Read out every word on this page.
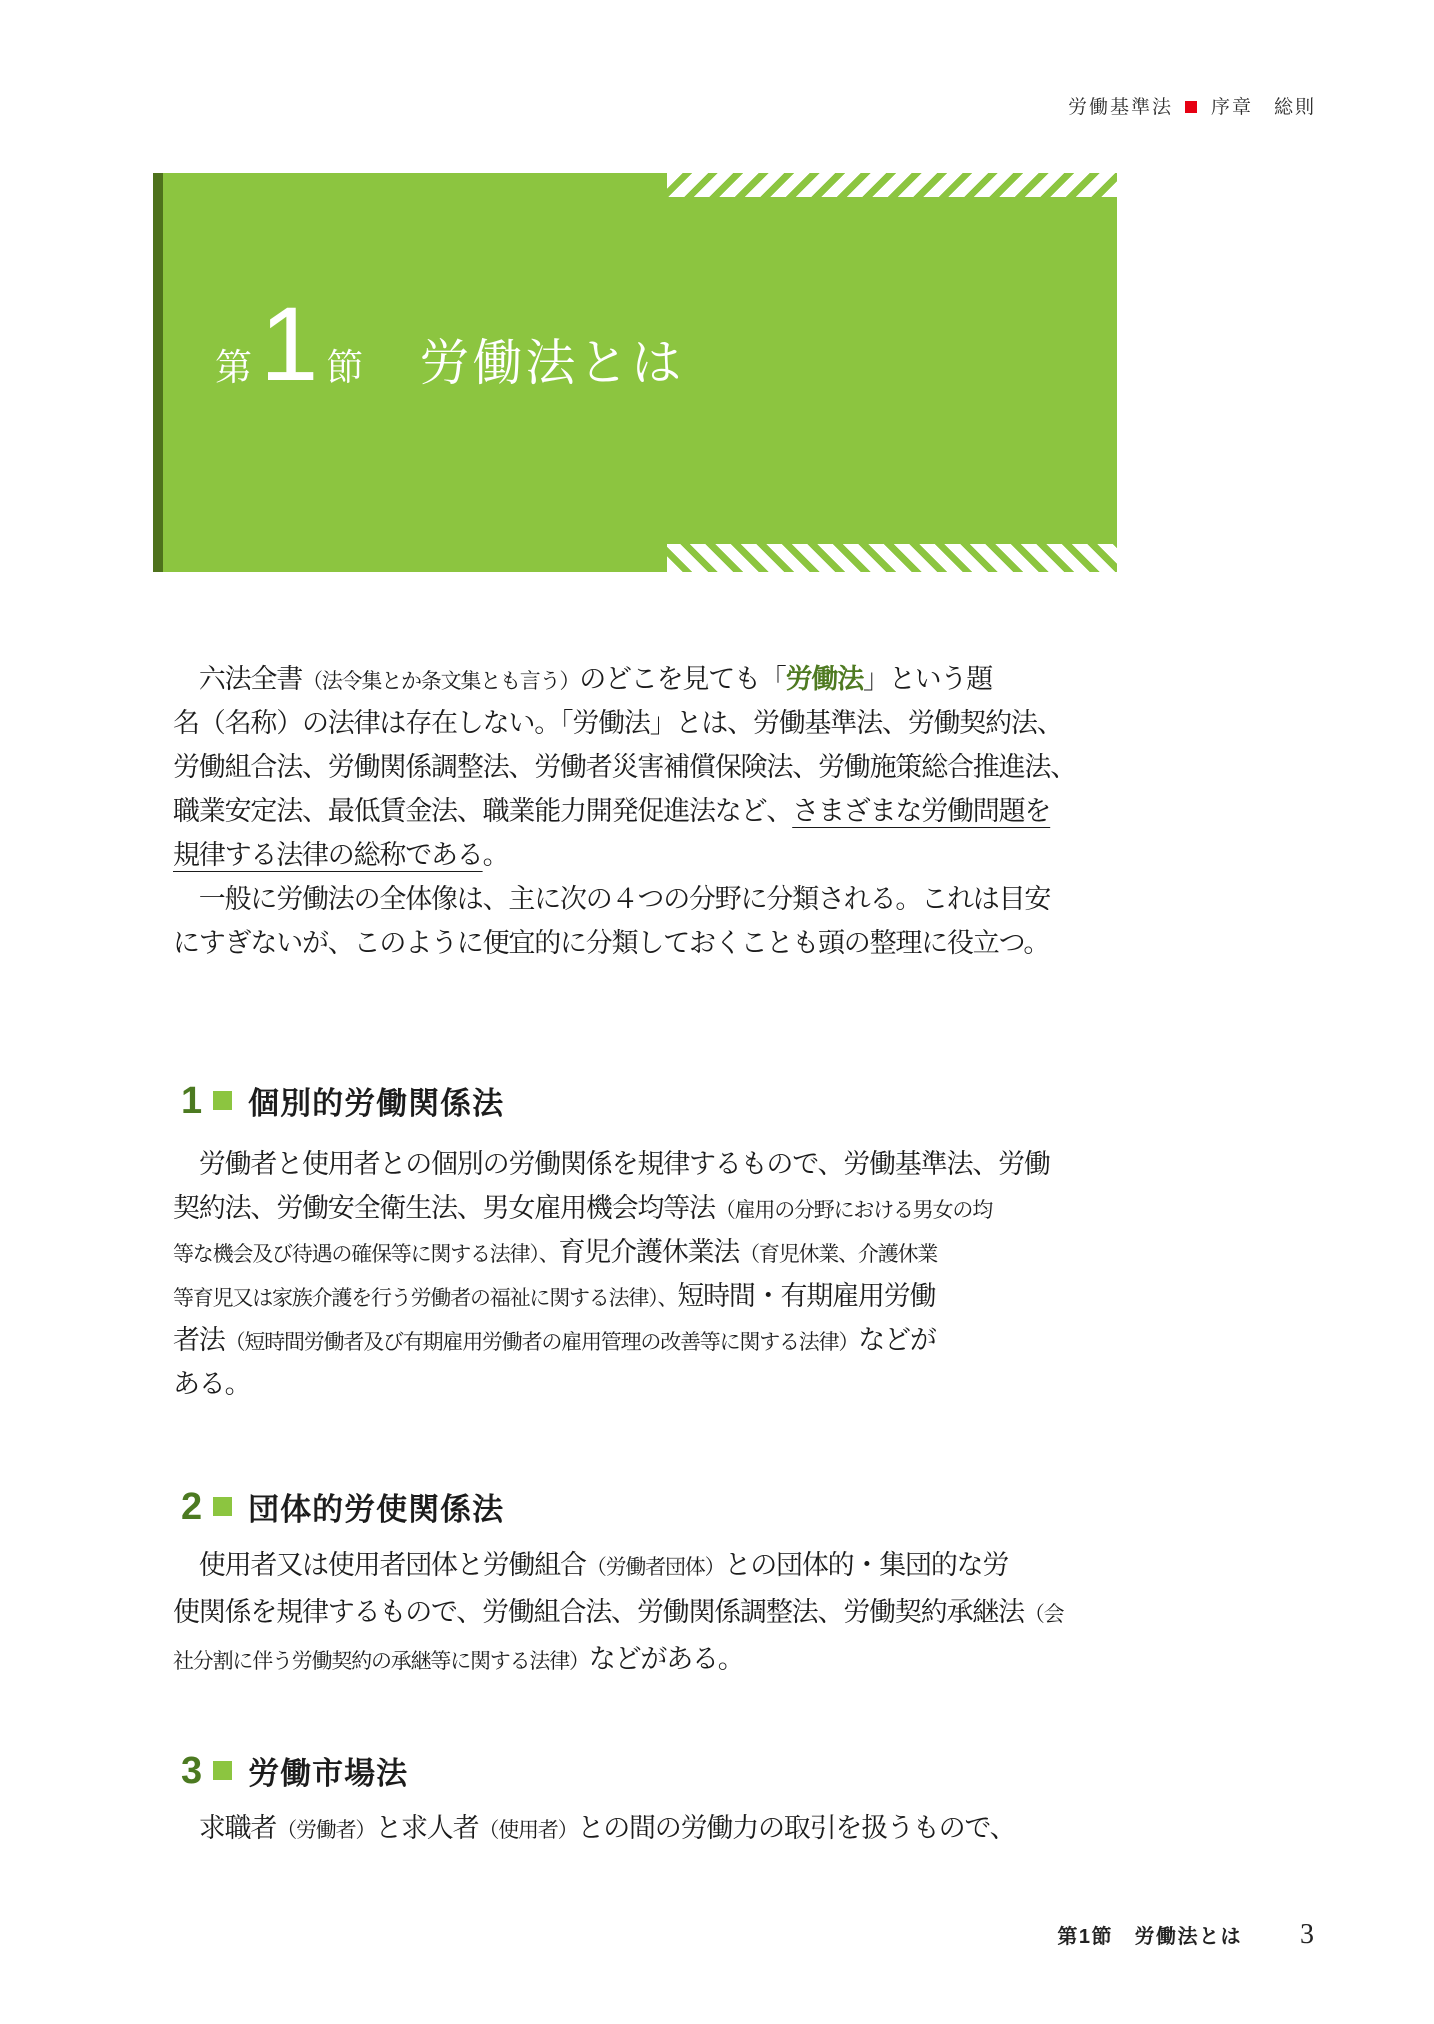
労働基準法 序章　総則
第 1 節 労働法とは
　六法全書（法令集とか条文集とも言う）のどこを見ても「労働法」という題
名（名称）の法律は存在しない。「労働法」とは、労働基準法、労働契約法、
労働組合法、労働関係調整法、労働者災害補償保険法、労働施策総合推進法、
職業安定法、最低賃金法、職業能力開発促進法など、さまざまな労働問題を
規律する法律の総称である。
　一般に労働法の全体像は、主に次の４つの分野に分類される。これは目安
にすぎないが、このように便宜的に分類しておくことも頭の整理に役立つ。
1 個別的労働関係法
　労働者と使用者との個別の労働関係を規律するもので、労働基準法、労働
契約法、労働安全衛生法、男女雇用機会均等法（雇用の分野における男女の均
等な機会及び待遇の確保等に関する法律）、育児介護休業法（育児休業、介護休業
等育児又は家族介護を行う労働者の福祉に関する法律）、短時間・有期雇用労働
者法（短時間労働者及び有期雇用労働者の雇用管理の改善等に関する法律）などが
ある。
2 団体的労使関係法
　使用者又は使用者団体と労働組合（労働者団体）との団体的・集団的な労
使関係を規律するもので、労働組合法、労働関係調整法、労働契約承継法（会
社分割に伴う労働契約の承継等に関する法律）などがある。
3 労働市場法
　求職者（労働者）と求人者（使用者）との間の労働力の取引を扱うもので、
第1節　労働法とは 3
